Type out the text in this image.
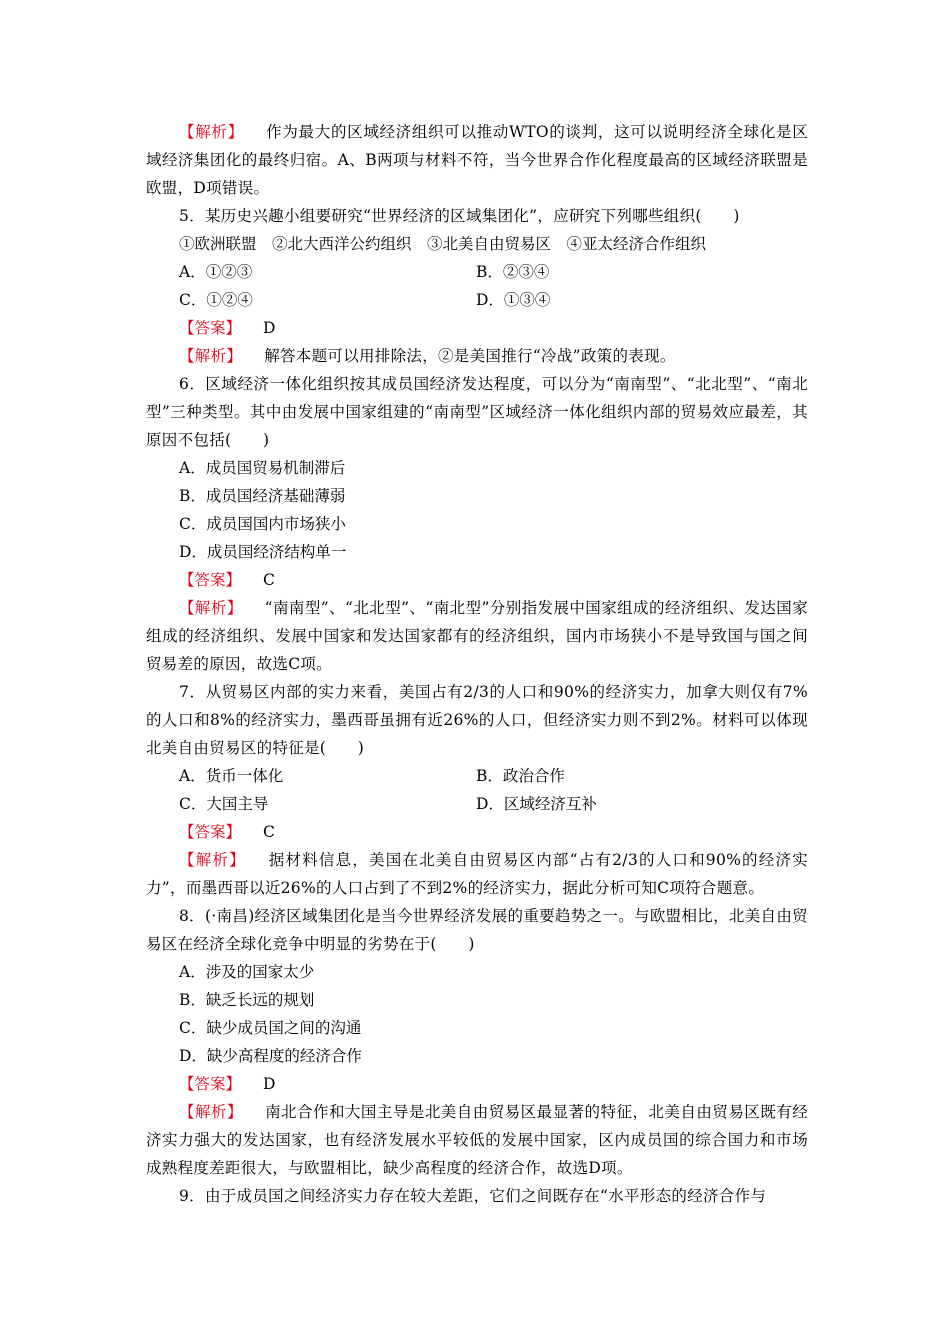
【解析】 作为最大的区域经济组织可以推动WTO的谈判，这可以说明经济全球化是区域经济集团化的最终归宿。A、B两项与材料不符，当今世界合作化程度最高的区域经济联盟是欧盟，D项错误。

5．某历史兴趣小组要研究“世界经济的区域集团化”，应研究下列哪些组织(　　)

①欧洲联盟　②北大西洋公约组织　③北美自由贸易区　④亚太经济合作组织

A．①②③	B．②③④
C．①②④	D．①③④

【答案】 D

【解析】 解答本题可以用排除法，②是美国推行“冷战”政策的表现。

6．区域经济一体化组织按其成员国经济发达程度，可以分为“南南型”、“北北型”、“南北型”三种类型。其中由发展中国家组建的“南南型”区域经济一体化组织内部的贸易效应最差，其原因不包括(　　)

A．成员国贸易机制滞后

B．成员国经济基础薄弱

C．成员国国内市场狭小

D．成员国经济结构单一

【答案】 C

【解析】 “南南型”、“北北型”、“南北型”分别指发展中国家组成的经济组织、发达国家组成的经济组织、发展中国家和发达国家都有的经济组织，国内市场狭小不是导致国与国之间贸易差的原因，故选C项。

7．从贸易区内部的实力来看，美国占有2/3的人口和90%的经济实力，加拿大则仅有7%的人口和8%的经济实力，墨西哥虽拥有近26%的人口，但经济实力则不到2%。材料可以体现北美自由贸易区的特征是(　　)

A．货币一体化	B．政治合作
C．大国主导	D．区域经济互补

【答案】 C

【解析】 据材料信息，美国在北美自由贸易区内部“占有2/3的人口和90%的经济实力”，而墨西哥以近26%的人口占到了不到2%的经济实力，据此分析可知C项符合题意。

8．(·南昌)经济区域集团化是当今世界经济发展的重要趋势之一。与欧盟相比，北美自由贸易区在经济全球化竞争中明显的劣势在于(　　)

A．涉及的国家太少

B．缺乏长远的规划

C．缺少成员国之间的沟通

D．缺少高程度的经济合作

【答案】 D

【解析】 南北合作和大国主导是北美自由贸易区最显著的特征，北美自由贸易区既有经济实力强大的发达国家，也有经济发展水平较低的发展中国家，区内成员国的综合国力和市场成熟程度差距很大，与欧盟相比，缺少高程度的经济合作，故选D项。

9．由于成员国之间经济实力存在较大差距，它们之间既存在“水平形态的经济合作与
